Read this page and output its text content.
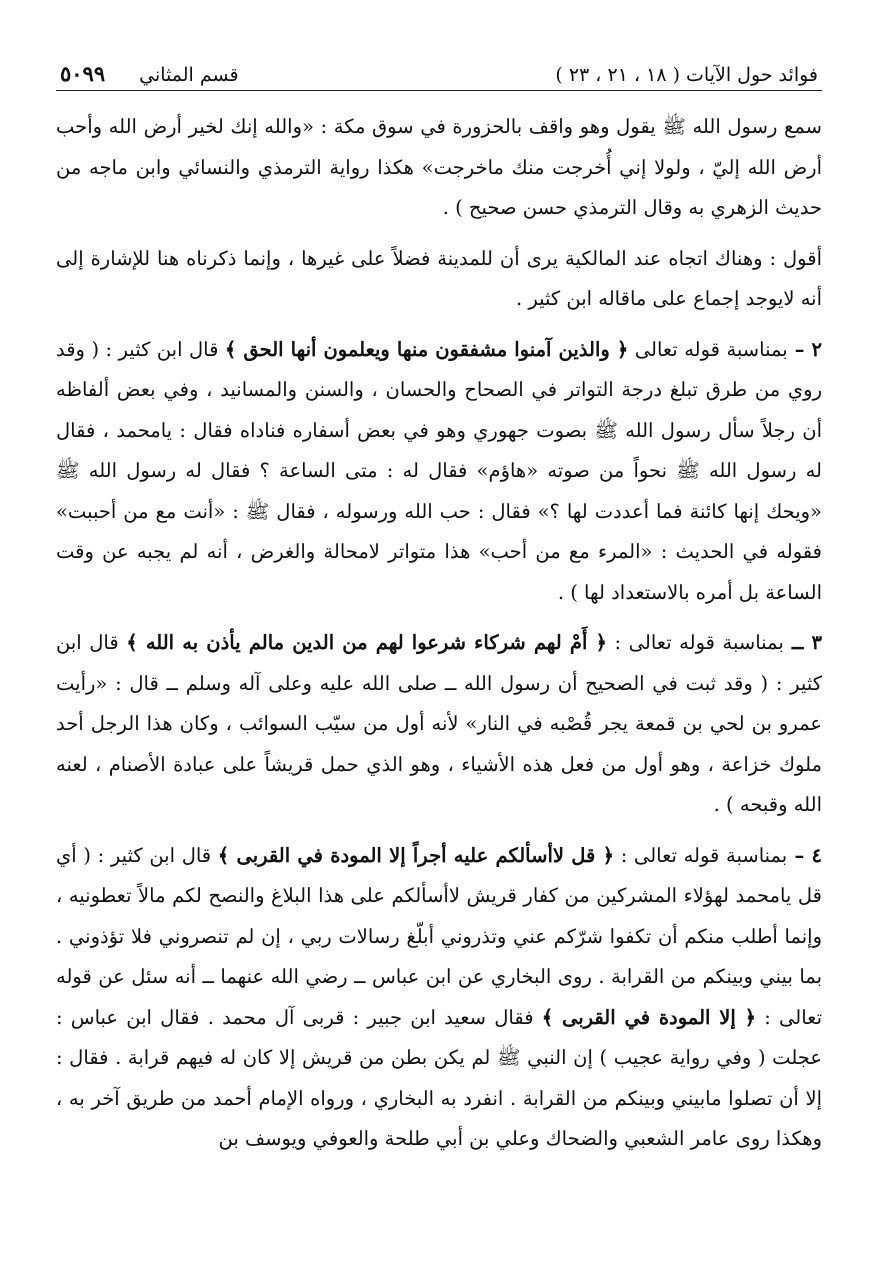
فوائد حول الآيات ( ١٨ ، ٢١ ، ٢٣ )
قسم المثاني
٥٠٩٩

سمع رسول الله ﷺ يقول وهو واقف بالحزورة في سوق مكة : «والله إنك لخير أرض الله وأحب أرض الله إليّ ، ولولا إني أُخرجت منك ماخرجت» هكذا رواية الترمذي والنسائي وابن ماجه من حديث الزهري به وقال الترمذي حسن صحيح ) .

أقول : وهناك اتجاه عند المالكية يرى أن للمدينة فضلاً على غيرها ، وإنما ذكرناه هنا للإشارة إلى أنه لايوجد إجماع على ماقاله ابن كثير .

٢ – بمناسبة قوله تعالى ﴿ والذين آمنوا مشفقون منها ويعلمون أنها الحق ﴾ قال ابن كثير : ( وقد روي من طرق تبلغ درجة التواتر في الصحاح والحسان ، والسنن والمسانيد ، وفي بعض ألفاظه أن رجلاً سأل رسول الله ﷺ بصوت جهوري وهو في بعض أسفاره فناداه فقال : يامحمد ، فقال له رسول الله ﷺ نحواً من صوته «هاؤم» فقال له : متى الساعة ؟ فقال له رسول الله ﷺ «ويحك إنها كائنة فما أعددت لها ؟» فقال : حب الله ورسوله ، فقال ﷺ : «أنت مع من أحببت» فقوله في الحديث : «المرء مع من أحب» هذا متواتر لامحالة والغرض ، أنه لم يجبه عن وقت الساعة بل أمره بالاستعداد لها ) .

٣ ــ بمناسبة قوله تعالى : ﴿ أَمْ لهم شركاء شرعوا لهم من الدين مالم يأذن به الله ﴾ قال ابن كثير : ( وقد ثبت في الصحيح أن رسول الله ــ صلى الله عليه وعلى آله وسلم ــ قال : «رأيت عمرو بن لحي بن قمعة يجر قُصْبه في النار» لأنه أول من سيّب السوائب ، وكان هذا الرجل أحد ملوك خزاعة ، وهو أول من فعل هذه الأشياء ، وهو الذي حمل قريشاً على عبادة الأصنام ، لعنه الله وقبحه ) .

٤ – بمناسبة قوله تعالى : ﴿ قل لاأسألكم عليه أجراً إلا المودة في القربى ﴾ قال ابن كثير : ( أي قل يامحمد لهؤلاء المشركين من كفار قريش لاأسألكم على هذا البلاغ والنصح لكم مالاً تعطونيه ، وإنما أطلب منكم أن تكفوا شرّكم عني وتذروني أبلّغ رسالات ربي ، إن لم تنصروني فلا تؤذوني . بما بيني وبينكم من القرابة . روى البخاري عن ابن عباس ــ رضي الله عنهما ــ أنه سئل عن قوله تعالى : ﴿ إلا المودة في القربى ﴾ فقال سعيد ابن جبير : قربى آل محمد . فقال ابن عباس : عجلت ( وفي رواية عجيب ) إن النبي ﷺ لم يكن بطن من قريش إلا كان له فيهم قرابة . فقال : إلا أن تصلوا مابيني وبينكم من القرابة . انفرد به البخاري ، ورواه الإمام أحمد من طريق آخر به ، وهكذا روى عامر الشعبي والضحاك وعلي بن أبي طلحة والعوفي ويوسف بن
